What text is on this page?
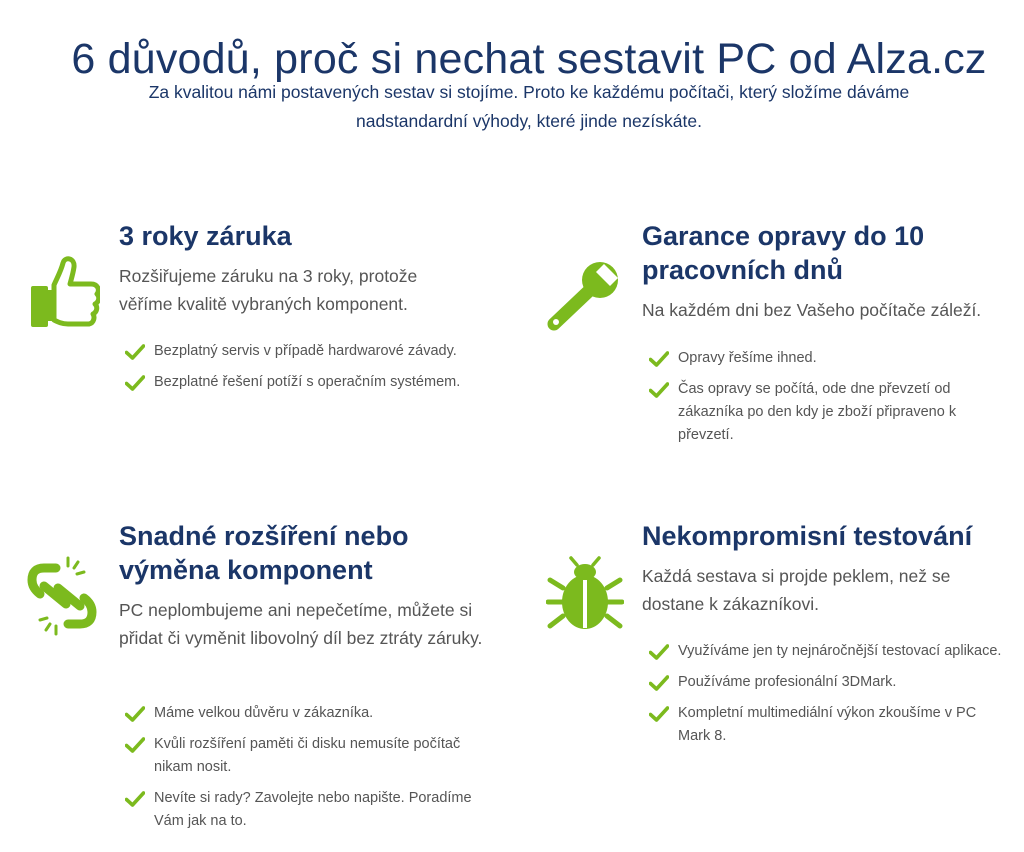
6 důvodů, proč si nechat sestavit PC od Alza.cz
Za kvalitou námi postavených sestav si stojíme. Proto ke každému počítači, který složíme dáváme
nadstandardní výhody, které jinde nezískáte.
3 roky záruka

Rozšiřujeme záruku na 3 roky, protože věříme kvalitě vybraných komponent.

Bezplatný servis v případě hardwarové závady.
Bezplatné řešení potíží s operačním systémem.
Garance opravy do 10 pracovních dnů

Na každém dni bez Vašeho počítače záleží.

Opravy řešíme ihned.
Čas opravy se počítá, ode dne převzetí od zákazníka po den kdy je zboží připraveno k převzetí.
Snadné rozšíření nebo výměna komponent

PC neplombujeme ani nepečetíme, můžete si přidat či vyměnit libovolný díl bez ztráty záruky.

Máme velkou důvěru v zákazníka.
Kvůli rozšíření paměti či disku nemusíte počítač nikam nosit.
Nevíte si rady? Zavolejte nebo napište. Poradíme Vám jak na to.
Nekompromisní testování

Každá sestava si projde peklem, než se dostane k zákazníkovi.

Využíváme jen ty nejnáročnější testovací aplikace.
Používáme profesionální 3DMark.
Kompletní multimediální výkon zkoušíme v PC Mark 8.
